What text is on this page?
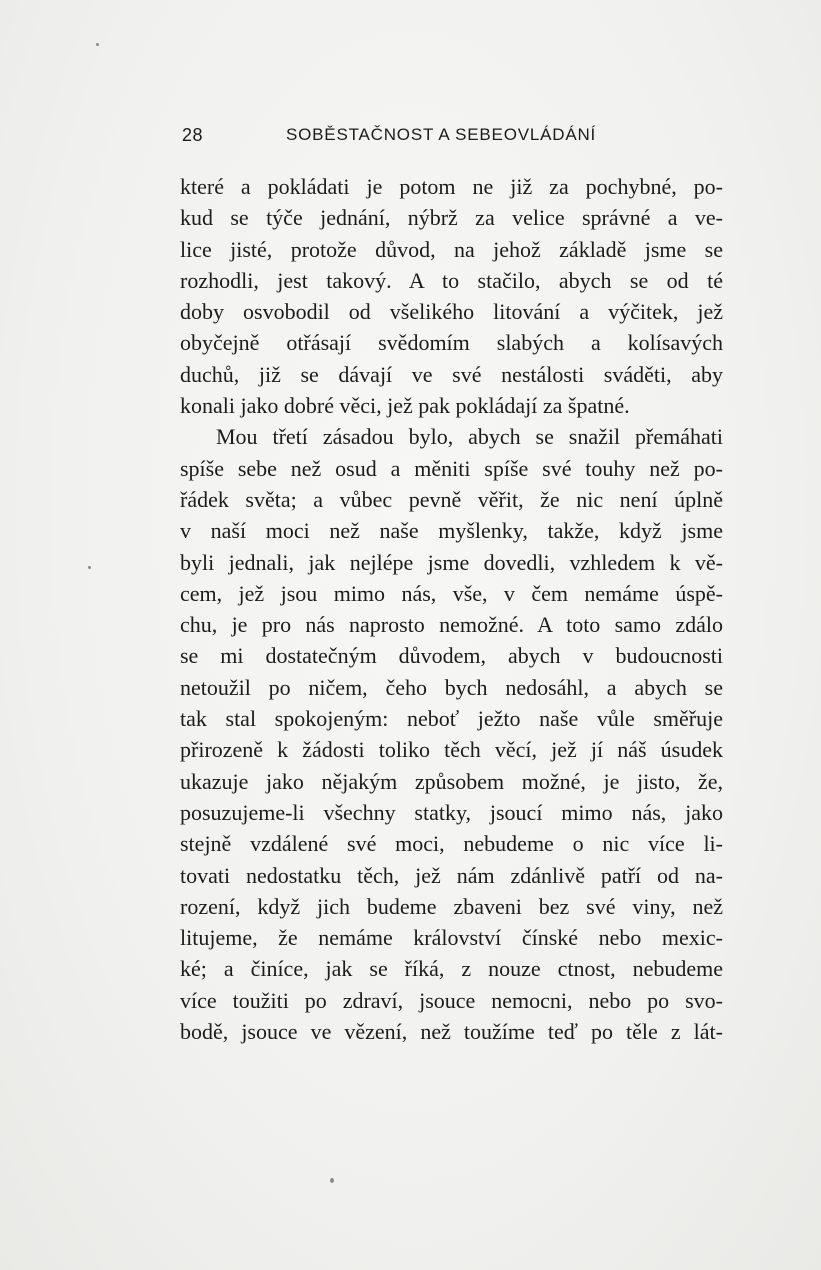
28	SOBĚSTAČNOST A SEBEOVLÁDÁNÍ
které a pokládati je potom ne již za pochybné, po-
kud se týče jednání, nýbrž za velice správné a ve-
lice jisté, protože důvod, na jehož základě jsme se
rozhodli, jest takový. A to stačilo, abych se od té
doby osvobodil od všelikého litování a výčitek, jež
obyčejně otřásají svědomím slabých a kolísavých
duchů, již se dávají ve své nestálosti sváděti, aby
konali jako dobré věci, jež pak pokládají za špatné.
Mou třetí zásadou bylo, abych se snažil přemáhati
spíše sebe než osud a měniti spíše své touhy než po-
řádek světa; a vůbec pevně věřit, že nic není úplně
v naší moci než naše myšlenky, takže, když jsme
byli jednali, jak nejlépe jsme dovedli, vzhledem k vě-
cem, jež jsou mimo nás, vše, v čem nemáme úspě-
chu, je pro nás naprosto nemožné. A toto samo zdálo
se mi dostatečným důvodem, abych v budoucnosti
netoužil po ničem, čeho bych nedosáhl, a abych se
tak stal spokojeným: neboť ježto naše vůle směřuje
přirozeně k žádosti toliko těch věcí, jež jí náš úsudek
ukazuje jako nějakým způsobem možné, je jisto, že,
posuzujeme-li všechny statky, jsoucí mimo nás, jako
stejně vzdálené své moci, nebudeme o nic více li-
tovati nedostatku těch, jež nám zdánlivě patří od na-
rození, když jich budeme zbaveni bez své viny, než
litujeme, že nemáme království čínské nebo mexic-
ké; a činíce, jak se říká, z nouze ctnost, nebudeme
více toužiti po zdraví, jsouce nemocni, nebo po svo-
bodě, jsouce ve vězení, než toužíme teď po těle z lát-
